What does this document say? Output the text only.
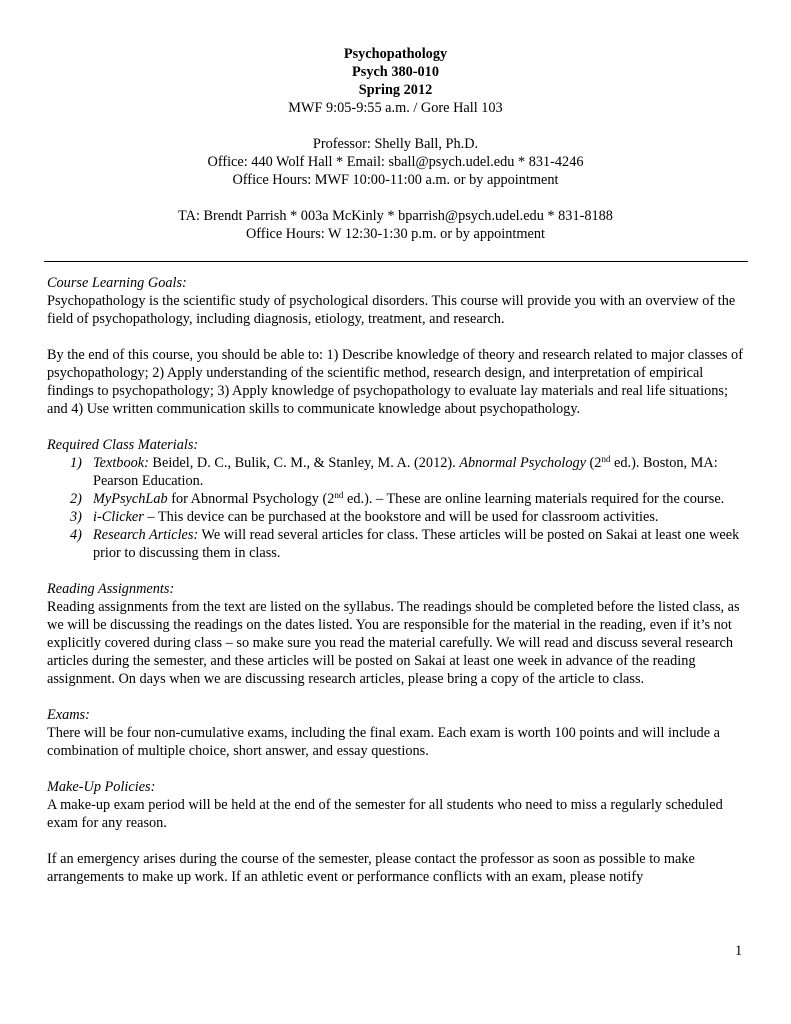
Psychopathology
Psych 380-010
Spring 2012
MWF 9:05-9:55 a.m. / Gore Hall 103
Professor: Shelly Ball, Ph.D.
Office: 440 Wolf Hall * Email: sball@psych.udel.edu * 831-4246
Office Hours: MWF 10:00-11:00 a.m. or by appointment
TA: Brendt Parrish * 003a McKinly * bparrish@psych.udel.edu * 831-8188
Office Hours: W 12:30-1:30 p.m. or by appointment

Course Learning Goals:

Psychopathology is the scientific study of psychological disorders. This course will provide you with an overview of the field of psychopathology, including diagnosis, etiology, treatment, and research.

By the end of this course, you should be able to: 1) Describe knowledge of theory and research related to major classes of psychopathology; 2) Apply understanding of the scientific method, research design, and interpretation of empirical findings to psychopathology; 3) Apply knowledge of psychopathology to evaluate lay materials and real life situations; and 4) Use written communication skills to communicate knowledge about psychopathology.

Required Class Materials:

1) Textbook: Beidel, D. C., Bulik, C. M., & Stanley, M. A. (2012). Abnormal Psychology (2nd ed.). Boston, MA: Pearson Education.
2) MyPsychLab for Abnormal Psychology (2nd ed.). – These are online learning materials required for the course.
3) i-Clicker – This device can be purchased at the bookstore and will be used for classroom activities.
4) Research Articles: We will read several articles for class. These articles will be posted on Sakai at least one week prior to discussing them in class.

Reading Assignments:

Reading assignments from the text are listed on the syllabus. The readings should be completed before the listed class, as we will be discussing the readings on the dates listed. You are responsible for the material in the reading, even if it’s not explicitly covered during class – so make sure you read the material carefully. We will read and discuss several research articles during the semester, and these articles will be posted on Sakai at least one week in advance of the reading assignment. On days when we are discussing research articles, please bring a copy of the article to class.

Exams:

There will be four non-cumulative exams, including the final exam. Each exam is worth 100 points and will include a combination of multiple choice, short answer, and essay questions.

Make-Up Policies:

A make-up exam period will be held at the end of the semester for all students who need to miss a regularly scheduled exam for any reason.

If an emergency arises during the course of the semester, please contact the professor as soon as possible to make arrangements to make up work. If an athletic event or performance conflicts with an exam, please notify

1
